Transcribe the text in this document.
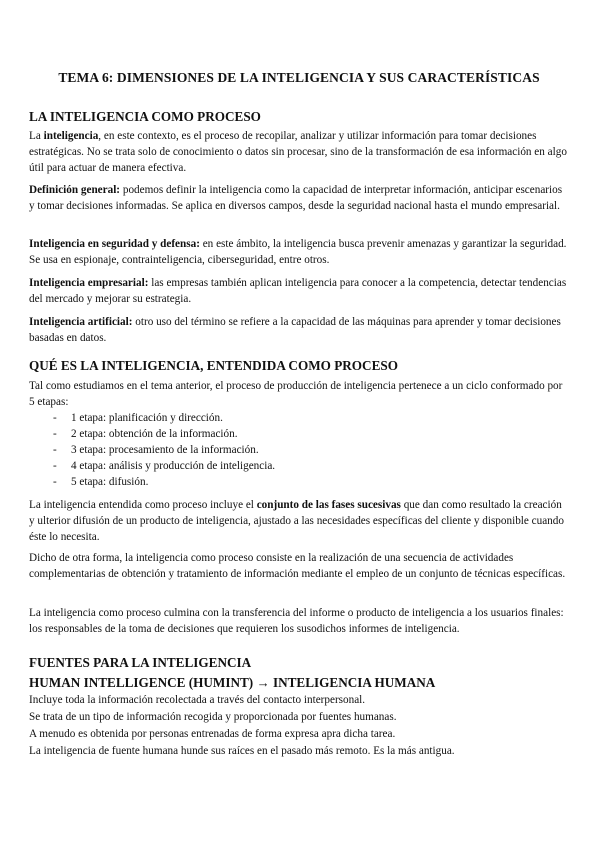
TEMA 6: DIMENSIONES DE LA INTELIGENCIA Y SUS CARACTERÍSTICAS
LA INTELIGENCIA COMO PROCESO
La inteligencia, en este contexto, es el proceso de recopilar, analizar y utilizar información para tomar decisiones estratégicas. No se trata solo de conocimiento o datos sin procesar, sino de la transformación de esa información en algo útil para actuar de manera efectiva.
Definición general: podemos definir la inteligencia como la capacidad de interpretar información, anticipar escenarios y tomar decisiones informadas. Se aplica en diversos campos, desde la seguridad nacional hasta el mundo empresarial.
Inteligencia en seguridad y defensa: en este ámbito, la inteligencia busca prevenir amenazas y garantizar la seguridad. Se usa en espionaje, contrainteligencia, ciberseguridad, entre otros.
Inteligencia empresarial: las empresas también aplican inteligencia para conocer a la competencia, detectar tendencias del mercado y mejorar su estrategia.
Inteligencia artificial: otro uso del término se refiere a la capacidad de las máquinas para aprender y tomar decisiones basadas en datos.
QUÉ ES LA INTELIGENCIA, ENTENDIDA COMO PROCESO
Tal como estudiamos en el tema anterior, el proceso de producción de inteligencia pertenece a un ciclo conformado por 5 etapas:
- 1 etapa: planificación y dirección.
- 2 etapa: obtención de la información.
- 3 etapa: procesamiento de la información.
- 4 etapa: análisis y producción de inteligencia.
- 5 etapa: difusión.
La inteligencia entendida como proceso incluye el conjunto de las fases sucesivas que dan como resultado la creación y ulterior difusión de un producto de inteligencia, ajustado a las necesidades específicas del cliente y disponible cuando éste lo necesita.
Dicho de otra forma, la inteligencia como proceso consiste en la realización de una secuencia de actividades complementarias de obtención y tratamiento de información mediante el empleo de un conjunto de técnicas específicas.
La inteligencia como proceso culmina con la transferencia del informe o producto de inteligencia a los usuarios finales: los responsables de la toma de decisiones que requieren los susodichos informes de inteligencia.
FUENTES PARA LA INTELIGENCIA
HUMAN INTELLIGENCE (HUMINT) → INTELIGENCIA HUMANA
Incluye toda la información recolectada a través del contacto interpersonal.
Se trata de un tipo de información recogida y proporcionada por fuentes humanas.
A menudo es obtenida por personas entrenadas de forma expresa apra dicha tarea.
La inteligencia de fuente humana hunde sus raíces en el pasado más remoto. Es la más antigua.
